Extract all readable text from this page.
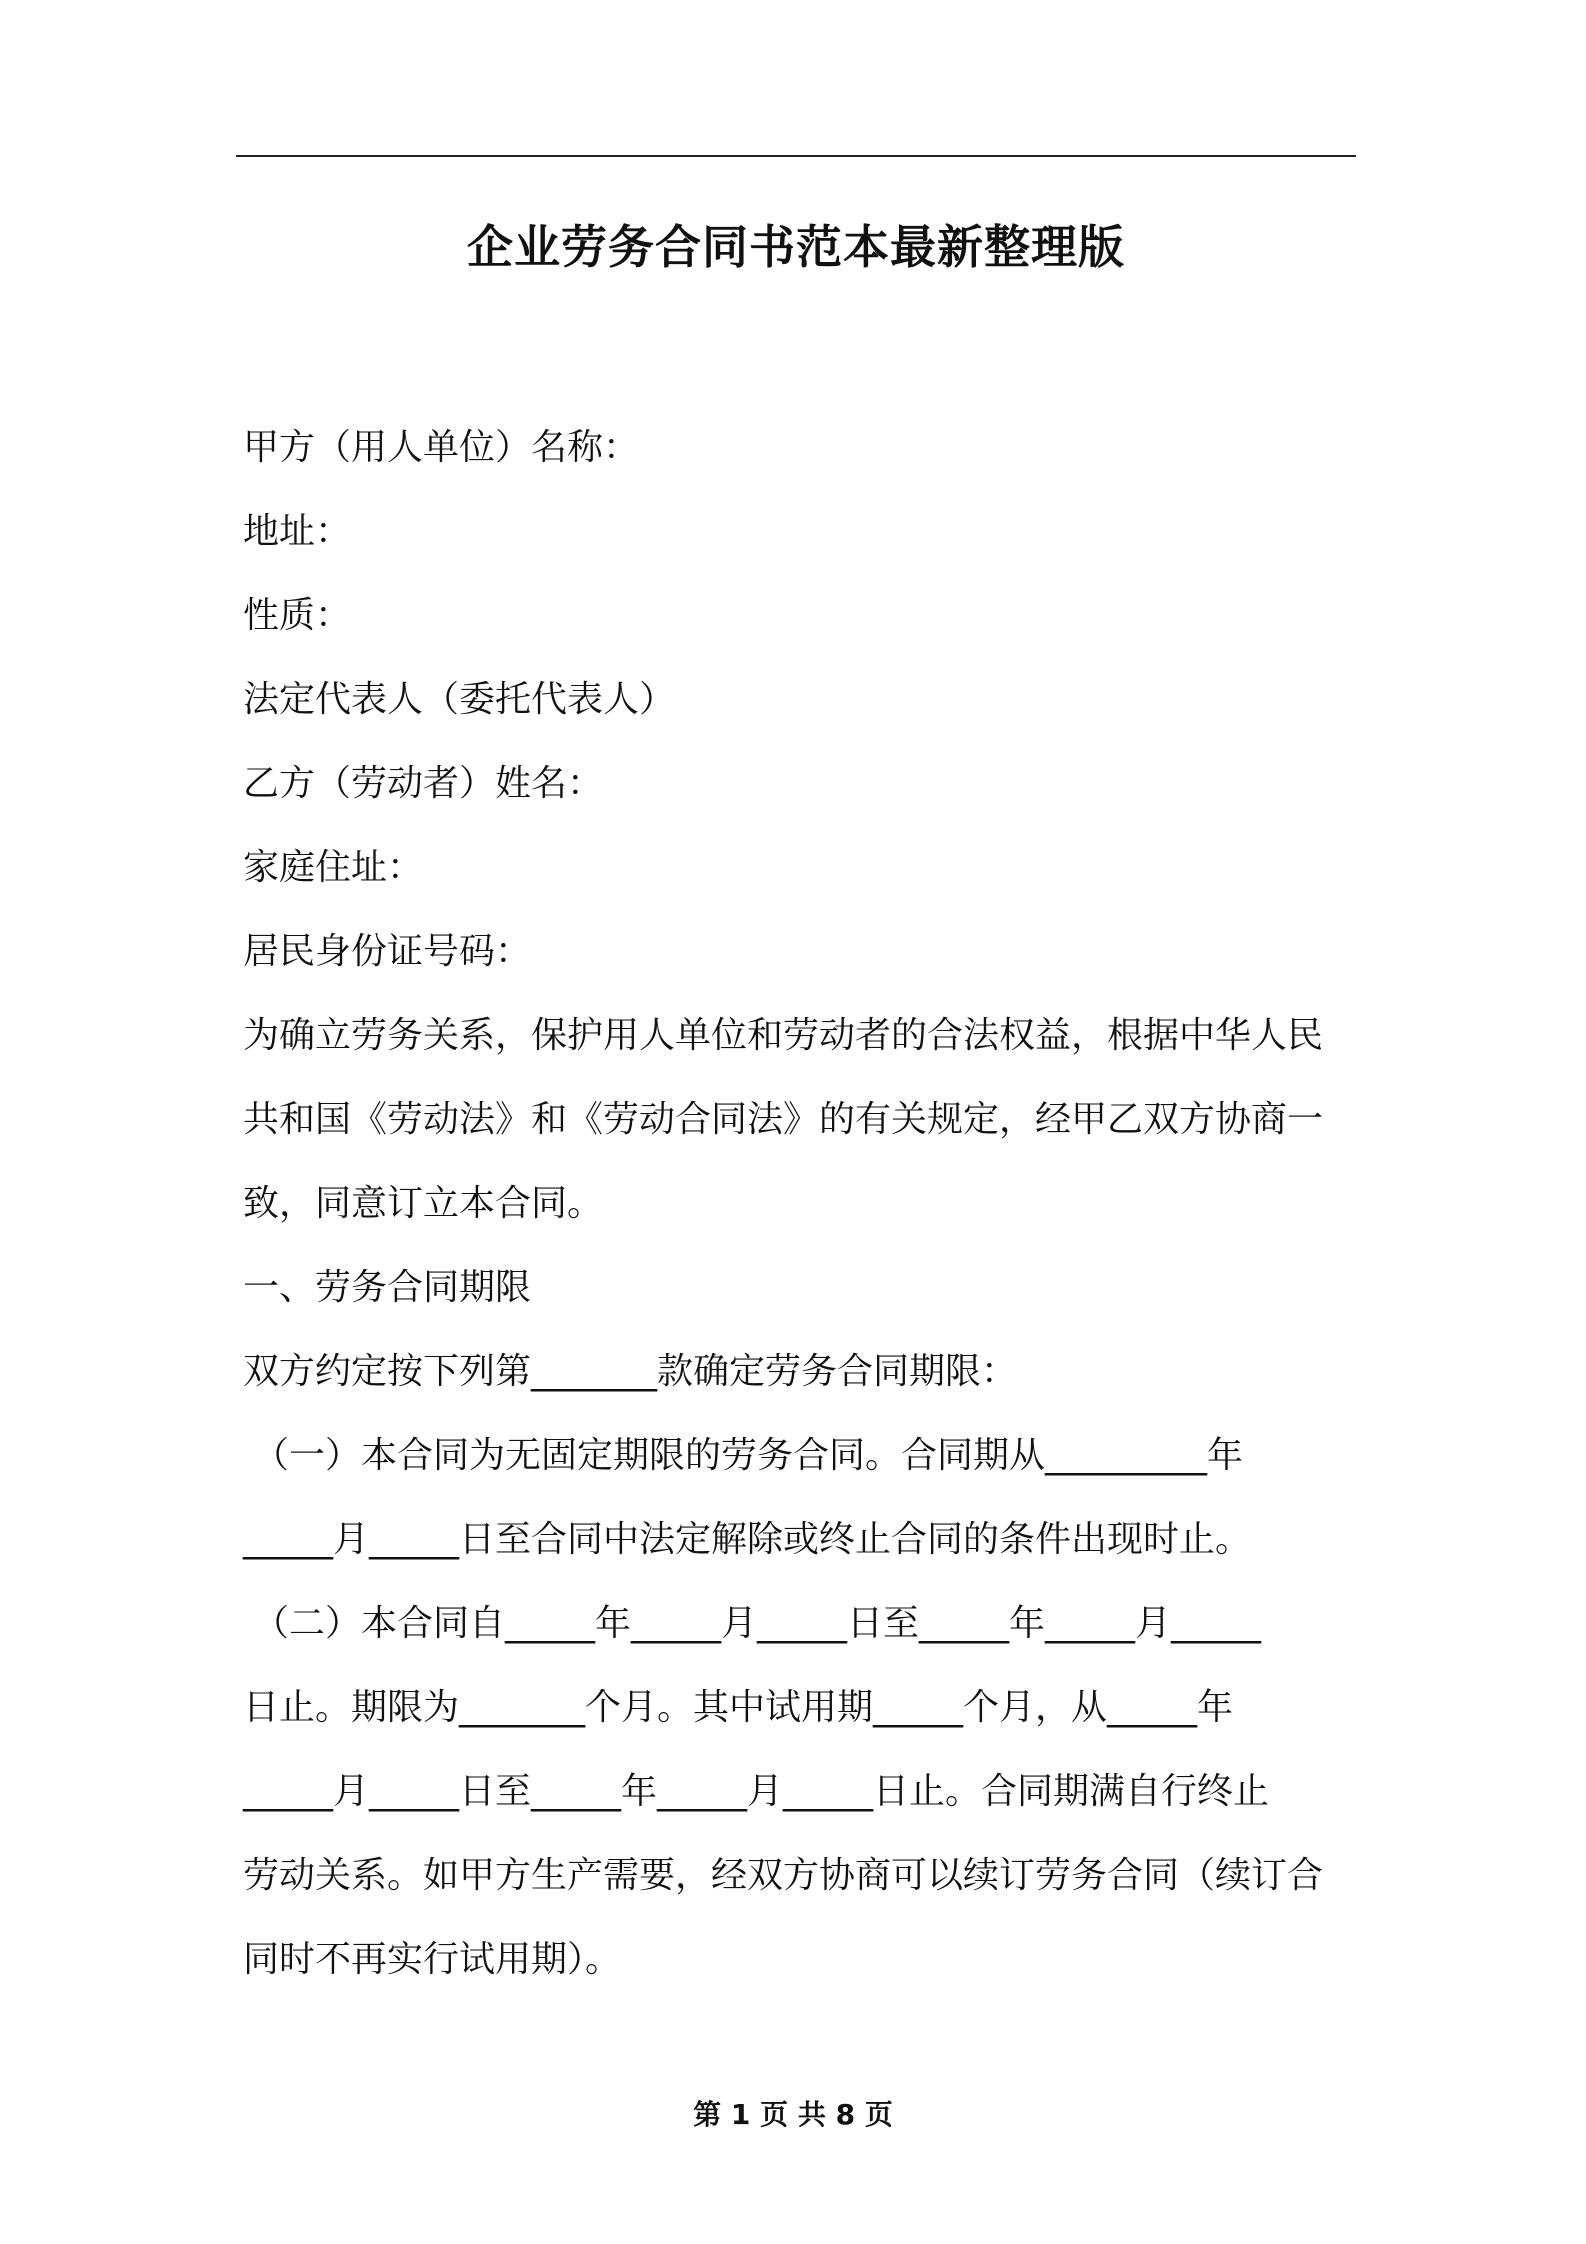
企业劳务合同书范本最新整理版
甲方（用人单位）名称：
地址：
性质：
法定代表人（委托代表人）
乙方（劳动者）姓名：
家庭住址：
居民身份证号码：
为确立劳务关系，保护用人单位和劳动者的合法权益，根据中华人民
共和国《劳动法》和《劳动合同法》的有关规定，经甲乙双方协商一
致，同意订立本合同。
一、劳务合同期限
双方约定按下列第_______款确定劳务合同期限：
（一）本合同为无固定期限的劳务合同。合同期从_________年
_____月_____日至合同中法定解除或终止合同的条件出现时止。
（二）本合同自_____年_____月_____日至_____年_____月_____
日止。期限为_______个月。其中试用期_____个月，从_____年
_____月_____日至_____年_____月_____日止。合同期满自行终止
劳动关系。如甲方生产需要，经双方协商可以续订劳务合同（续订合
同时不再实行试用期）。
第 1 页 共 8 页
